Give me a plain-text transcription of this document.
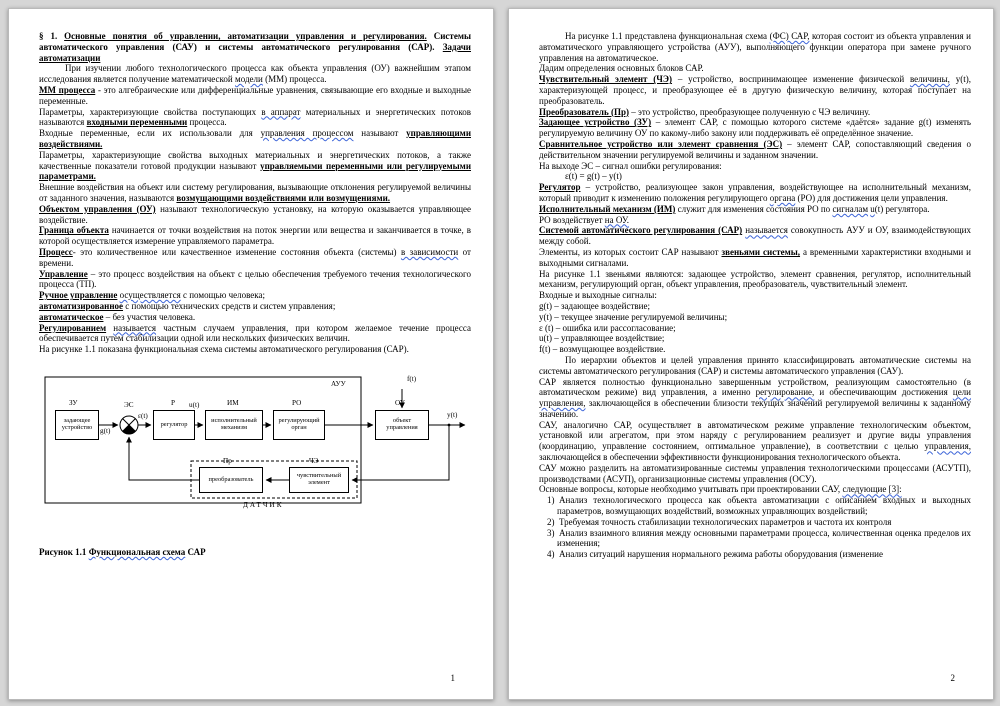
§ 1. Основные понятия об управлении, автоматизации управления и регулирования. Системы автоматического управления (САУ) и системы автоматического регулирования (САР). Задачи автоматизации
При изучении любого технологического процесса как объекта управления (ОУ) важнейшим этапом исследования является получение математической модели (ММ) процесса.
ММ процесса - это алгебраические или дифференциальные уравнения, связывающие его входные и выходные переменные.
Параметры, характеризующие свойства поступающих в аппарат материальных и энергетических потоков называются входными переменными процесса.
Входные переменные, если их использовали для управления процессом называют управляющими воздействиями.
Параметры, характеризующие свойства выходных материальных и энергетических потоков, а также качественные показатели готовой продукции называют управляемыми переменными или регулируемыми параметрами.
Внешние воздействия на объект или систему регулирования, вызывающие отклонения регулируемой величины от заданного значения, называются возмущающими воздействиями или возмущениями.
Объектом управления (ОУ) называют технологическую установку, на которую оказывается управляющее воздействие.
Граница объекта начинается от точки воздействия на поток энергии или вещества и заканчивается в точке, в которой осуществляется измерение управляемого параметра.
Процесс- это количественное или качественное изменение состояния объекта (системы) в зависимости от времени.
Управление – это процесс воздействия на объект с целью обеспечения требуемого течения технологического процесса (ТП).
Ручное управление осуществляется с помощью человека;
автоматизированное с помощью технических средств и систем управления;
автоматическое – без участия человека.
Регулированием называется частным случаем управления, при котором желаемое течение процесса обеспечивается путем стабилизации одной или нескольких физических величин.
На рисунке 1.1 показана функциональная схема системы автоматического регулирования (САР).
задающее устройство	регулятор	исполнительный механизм
регулирующий орган
объект управления
преобразователь	чувствительный элемент
АУУ
ЗУ	ЭС	Р	ИМ	РО	ОУ
Пр	ЧЭ
ДАТЧИК
g(t)
ε(t)
u(t)
f(t)
y(t)
Рисунок 1.1 Функциональная схема САР
1
На рисунке 1.1 представлена функциональная схема (ФС) САР, которая состоит из объекта управления и автоматического управляющего устройства (АУУ), выполняющего функции оператора при замене ручного управления на автоматическое.
Дадим определения основных блоков САР.
Чувствительный элемент (ЧЭ) – устройство, воспринимающее изменение физической величины, y(t), характеризующей процесс, и преобразующее её в другую физическую величину, которая поступает на преобразователь.
Преобразователь (Пр) – это устройство, преобразующее полученную с ЧЭ величину.
Задающее устройство (ЗУ) – элемент САР, с помощью которого системе «даётся» задание g(t) изменять регулируемую величину ОУ по какому-либо закону или поддерживать её определённое значение.
Сравнительное устройство или элемент сравнения (ЭС) – элемент САР, сопоставляющий сведения о действительном значении регулируемой величины и заданном значении.
На выходе ЭС – сигнал ошибки регулирования:
ε(t) = g(t) – y(t)
Регулятор – устройство, реализующее закон управления, воздействующее на исполнительный механизм, который приводит к изменению положения регулирующего органа (РО) для достижения цели управления.
Исполнительный механизм (ИМ) служит для изменения состояния РО по сигналам u(t) регулятора.
РО воздействует на ОУ.
Системой автоматического регулирования (САР) называется совокупность АУУ и ОУ, взаимодействующих между собой.
Элементы, из которых состоит САР называют звеньями системы, а временными характеристики входными и выходными сигналами.
На рисунке 1.1 звеньями являются: задающее устройство, элемент сравнения, регулятор, исполнительный механизм, регулирующий орган, объект управления, преобразователь, чувствительный элемент.
Входные и выходные сигналы:
g(t) – задающее воздействие;
y(t) – текущее значение регулируемой величины;
ε (t) – ошибка или рассогласование;
u(t) – управляющее воздействие;
f(t) – возмущающее воздействие.
По иерархии объектов и целей управления принято классифицировать автоматические системы на системы автоматического регулирования (САР) и системы автоматического управления (САУ).
САР является полностью функционально завершенным устройством, реализующим самостоятельно (в автоматическом режиме) вид управления, а именно регулирование, и обеспечивающим достижения цели управления, заключающейся в обеспечении близости текущих значений регулируемой величины к заданному значению.
САУ, аналогично САР, осуществляет в автоматическом режиме управление технологическим объектом, установкой или агрегатом, при этом наряду с регулированием реализует и другие виды управления (координацию, управление состоянием, оптимальное управление), в соответствии с целью управления, заключающейся в обеспечении эффективности функционирования технологического объекта.
САУ можно разделить на автоматизированные системы управления технологическими процессами (АСУТП), производствами (АСУП), организационные системы управления (ОСУ).
Основные вопросы, которые необходимо учитывать при проектировании САУ, следующие [3]:
1) Анализ технологического процесса как объекта автоматизации с описанием входных и выходных параметров, возмущающих воздействий, возможных управляющих воздействий;
2) Требуемая точность стабилизации технологических параметров и частота их контроля
3) Анализ взаимного влияния между основными параметрами процесса, количественная оценка пределов их изменения;
4) Анализ ситуаций нарушения нормального режима работы оборудования (изменение
2
